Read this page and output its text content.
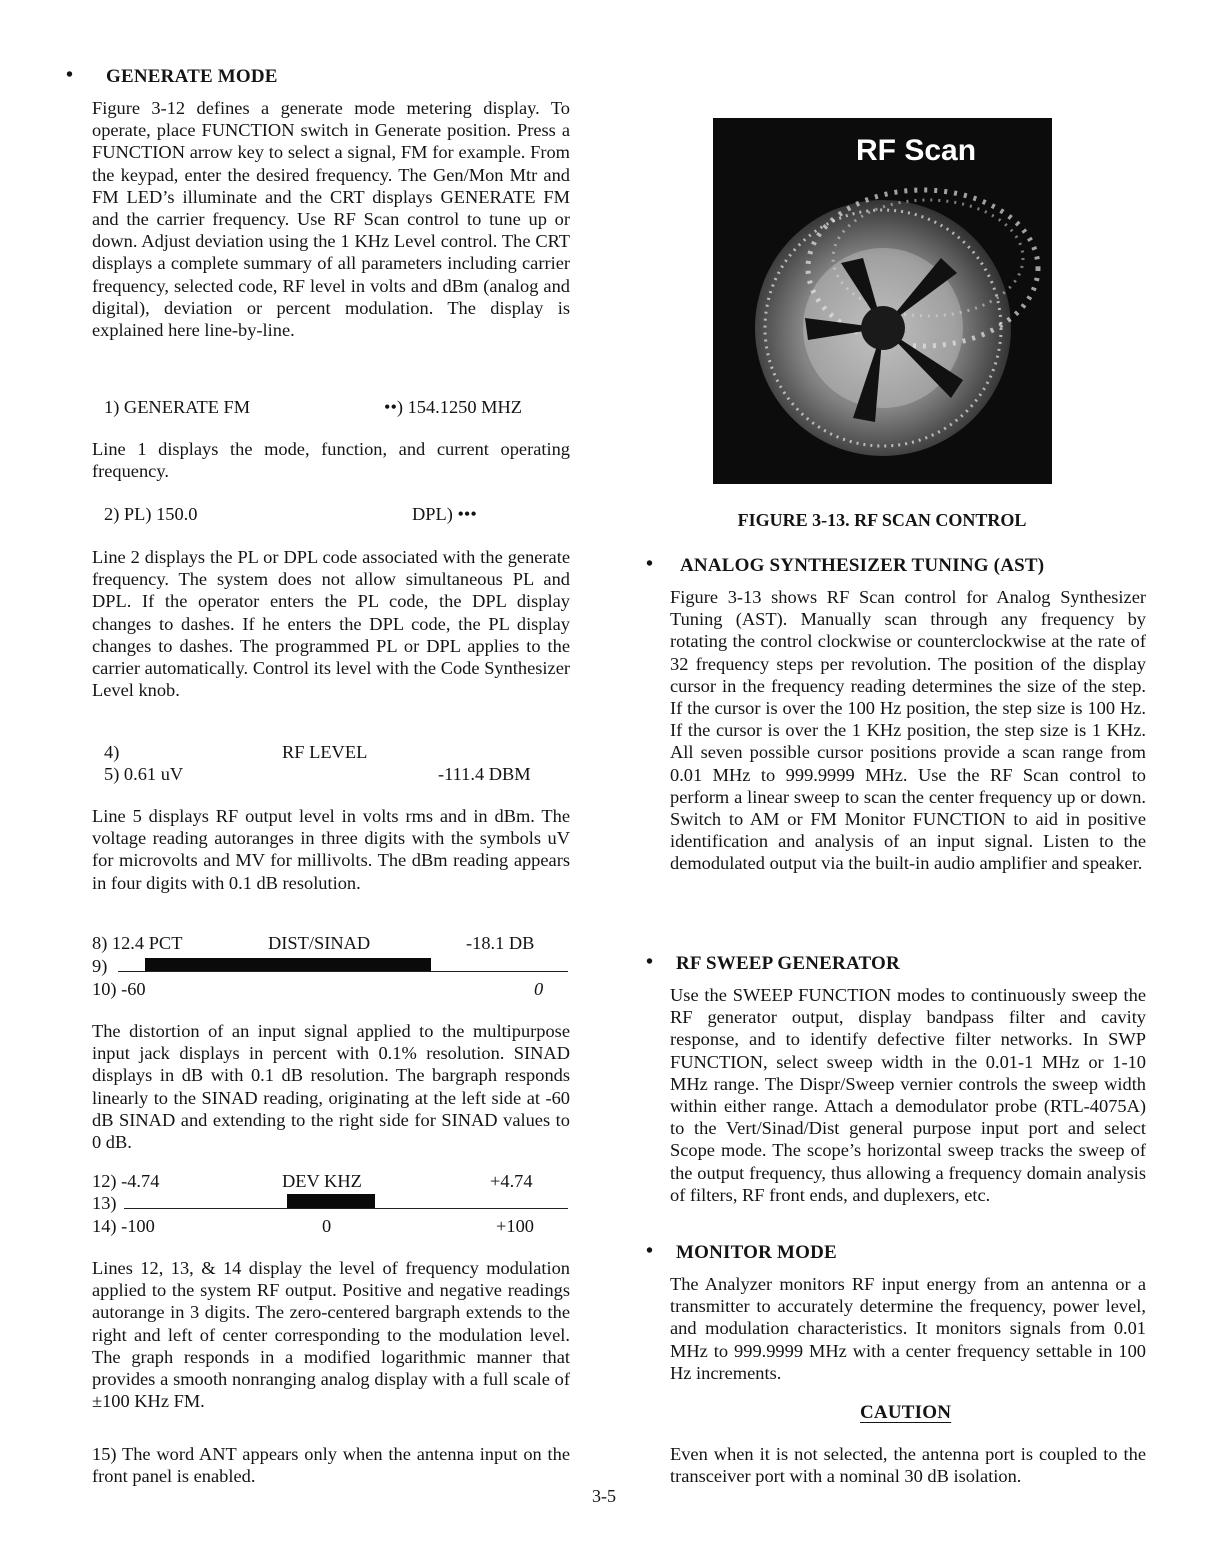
• GENERATE MODE
Figure 3-12 defines a generate mode metering display. To operate, place FUNCTION switch in Generate position. Press a FUNCTION arrow key to select a signal, FM for example. From the keypad, enter the desired frequency. The Gen/Mon Mtr and FM LED’s illuminate and the CRT displays GENERATE FM and the carrier frequency. Use RF Scan control to tune up or down. Adjust deviation using the 1 KHz Level control. The CRT displays a complete summary of all parameters including carrier frequency, selected code, RF level in volts and dBm (analog and digital), deviation or percent modulation. The display is explained here line-by-line.
1) GENERATE FM	••) 154.1250 MHZ
Line 1 displays the mode, function, and current operating frequency.
2) PL) 150.0	DPL) •••
Line 2 displays the PL or DPL code associated with the generate frequency. The system does not allow simultaneous PL and DPL. If the operator enters the PL code, the DPL display changes to dashes. If he enters the DPL code, the PL display changes to dashes. The programmed PL or DPL applies to the carrier automatically. Control its level with the Code Synthesizer Level knob.
4)	RF LEVEL
5) 0.61 uV	-111.4 DBM
Line 5 displays RF output level in volts rms and in dBm. The voltage reading autoranges in three digits with the symbols uV for microvolts and MV for millivolts. The dBm reading appears in four digits with 0.1 dB resolution.
8) 12.4 PCT	DIST/SINAD	-18.1 DB
9)
10) -60	0
The distortion of an input signal applied to the multipurpose input jack displays in percent with 0.1% resolution. SINAD displays in dB with 0.1 dB resolution. The bargraph responds linearly to the SINAD reading, originating at the left side at -60 dB SINAD and extending to the right side for SINAD values to 0 dB.
12) -4.74	DEV KHZ	+4.74
13)
14) -100	0	+100
Lines 12, 13, & 14 display the level of frequency modulation applied to the system RF output. Positive and negative readings autorange in 3 digits. The zero-centered bargraph extends to the right and left of center corresponding to the modulation level. The graph responds in a modified logarithmic manner that provides a smooth nonranging analog display with a full scale of ±100 KHz FM.
15) The word ANT appears only when the antenna input on the front panel is enabled.
RF Scan
FIGURE 3-13. RF SCAN CONTROL
• ANALOG SYNTHESIZER TUNING (AST)
Figure 3-13 shows RF Scan control for Analog Synthesizer Tuning (AST). Manually scan through any frequency by rotating the control clockwise or counterclockwise at the rate of 32 frequency steps per revolution. The position of the display cursor in the frequency reading determines the size of the step. If the cursor is over the 100 Hz position, the step size is 100 Hz. If the cursor is over the 1 KHz position, the step size is 1 KHz. All seven possible cursor positions provide a scan range from 0.01 MHz to 999.9999 MHz. Use the RF Scan control to perform a linear sweep to scan the center frequency up or down. Switch to AM or FM Monitor FUNCTION to aid in positive identification and analysis of an input signal. Listen to the demodulated output via the built-in audio amplifier and speaker.
• RF SWEEP GENERATOR
Use the SWEEP FUNCTION modes to continuously sweep the RF generator output, display bandpass filter and cavity response, and to identify defective filter networks. In SWP FUNCTION, select sweep width in the 0.01-1 MHz or 1-10 MHz range. The Dispr/Sweep vernier controls the sweep width within either range. Attach a demodulator probe (RTL-4075A) to the Vert/Sinad/Dist general purpose input port and select Scope mode. The scope’s horizontal sweep tracks the sweep of the output frequency, thus allowing a frequency domain analysis of filters, RF front ends, and duplexers, etc.
• MONITOR MODE
The Analyzer monitors RF input energy from an antenna or a transmitter to accurately determine the frequency, power level, and modulation characteristics. It monitors signals from 0.01 MHz to 999.9999 MHz with a center frequency settable in 100 Hz increments.
CAUTION
Even when it is not selected, the antenna port is coupled to the transceiver port with a nominal 30 dB isolation.
3-5
